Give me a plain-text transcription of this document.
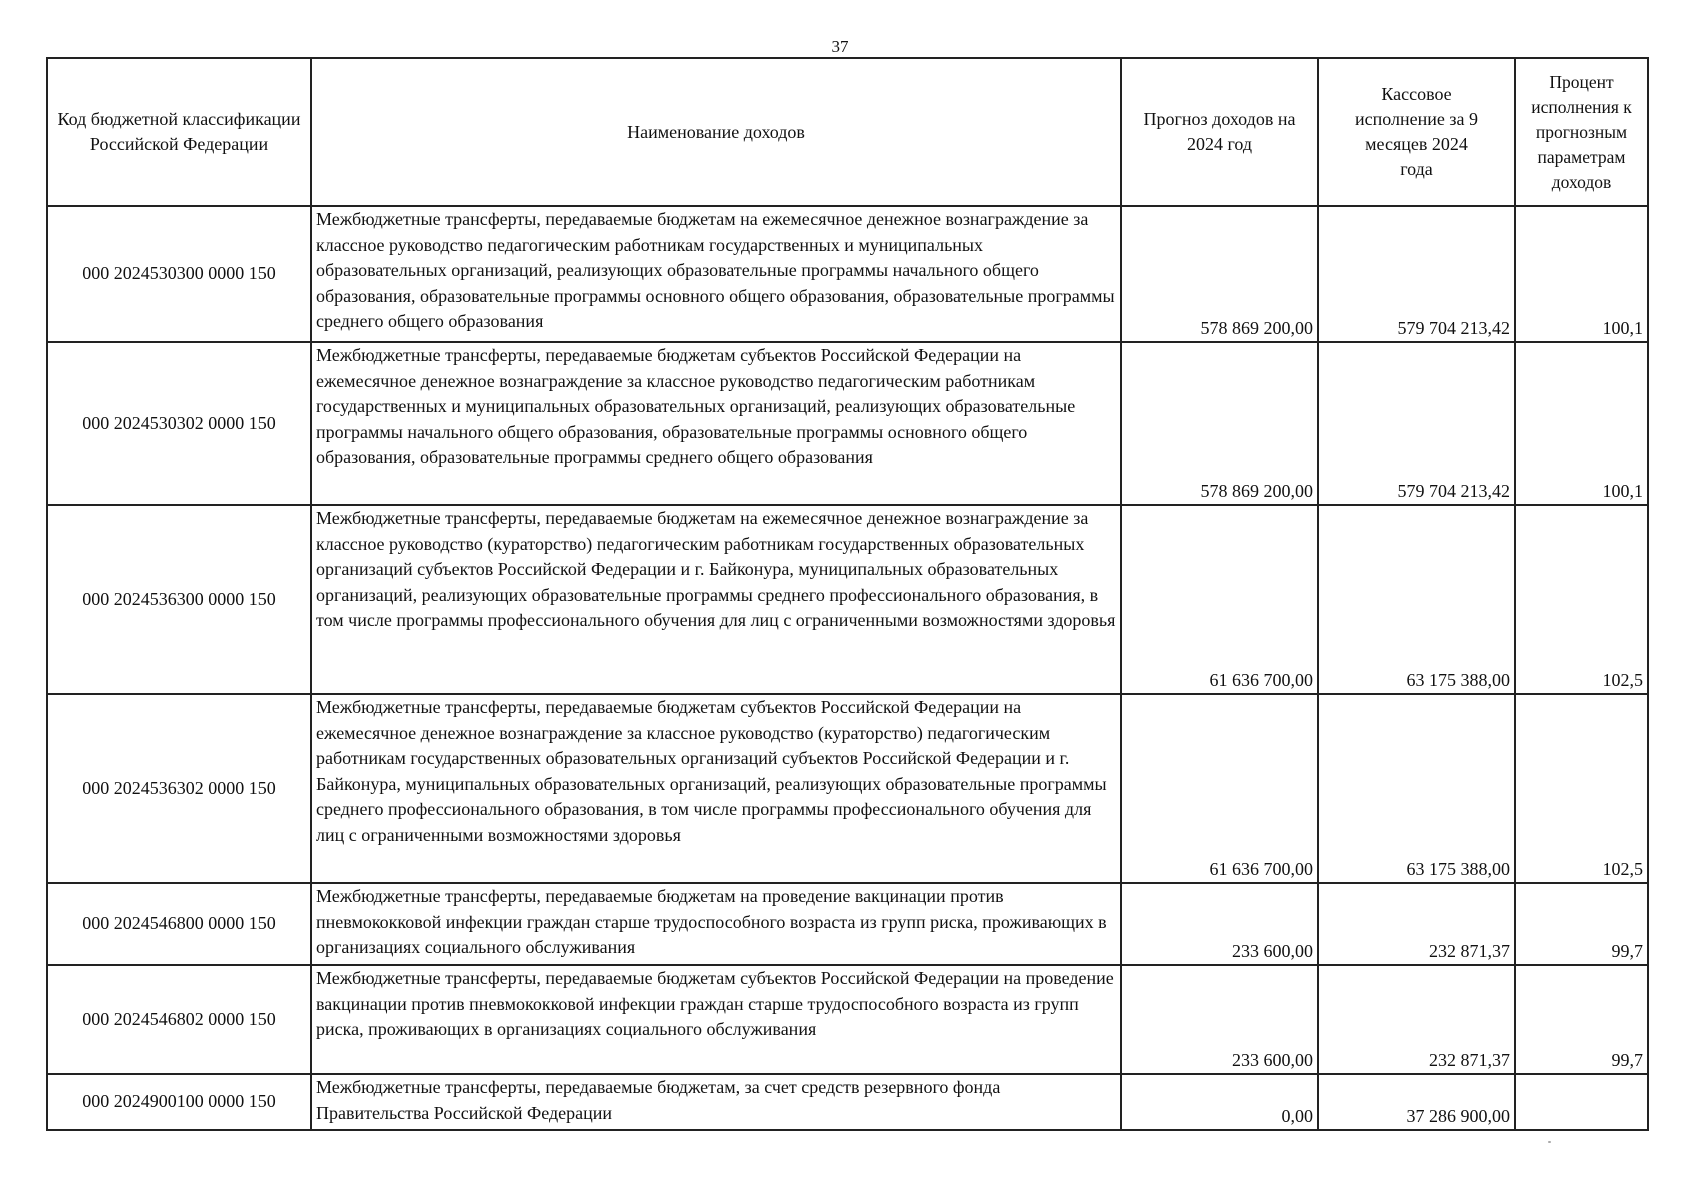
37
Код бюджетной классификации Российской Федерации	Наименование доходов	Прогноз доходов на 2024 год	Кассовое исполнение за 9 месяцев 2024 года	Процент исполнения к прогнозным параметрам доходов
000 2024530300 0000 150	Межбюджетные трансферты, передаваемые бюджетам на ежемесячное денежное вознаграждение за классное руководство педагогическим работникам государственных и муниципальных образовательных организаций, реализующих образовательные программы начального общего образования, образовательные программы основного общего образования, образовательные программы среднего общего образования	578 869 200,00	579 704 213,42	100,1
000 2024530302 0000 150	Межбюджетные трансферты, передаваемые бюджетам субъектов Российской Федерации на ежемесячное денежное вознаграждение за классное руководство педагогическим работникам государственных и муниципальных образовательных организаций, реализующих образовательные программы начального общего образования, образовательные программы основного общего образования, образовательные программы среднего общего образования	578 869 200,00	579 704 213,42	100,1
000 2024536300 0000 150	Межбюджетные трансферты, передаваемые бюджетам на ежемесячное денежное вознаграждение за классное руководство (кураторство) педагогическим работникам государственных образовательных организаций субъектов Российской Федерации и г. Байконура, муниципальных образовательных организаций, реализующих образовательные программы среднего профессионального образования, в том числе программы профессионального обучения для лиц с ограниченными возможностями здоровья	61 636 700,00	63 175 388,00	102,5
000 2024536302 0000 150	Межбюджетные трансферты, передаваемые бюджетам субъектов Российской Федерации на ежемесячное денежное вознаграждение за классное руководство (кураторство) педагогическим работникам государственных образовательных организаций субъектов Российской Федерации и г. Байконура, муниципальных образовательных организаций, реализующих образовательные программы среднего профессионального образования, в том числе программы профессионального обучения для лиц с ограниченными возможностями здоровья	61 636 700,00	63 175 388,00	102,5
000 2024546800 0000 150	Межбюджетные трансферты, передаваемые бюджетам на проведение вакцинации против пневмококковой инфекции граждан старше трудоспособного возраста из групп риска, проживающих в организациях социального обслуживания	233 600,00	232 871,37	99,7
000 2024546802 0000 150	Межбюджетные трансферты, передаваемые бюджетам субъектов Российской Федерации на проведение вакцинации против пневмококковой инфекции граждан старше трудоспособного возраста из групп риска, проживающих в организациях социального обслуживания	233 600,00	232 871,37	99,7
000 2024900100 0000 150	Межбюджетные трансферты, передаваемые бюджетам, за счет средств резервного фонда Правительства Российской Федерации	0,00	37 286 900,00	
